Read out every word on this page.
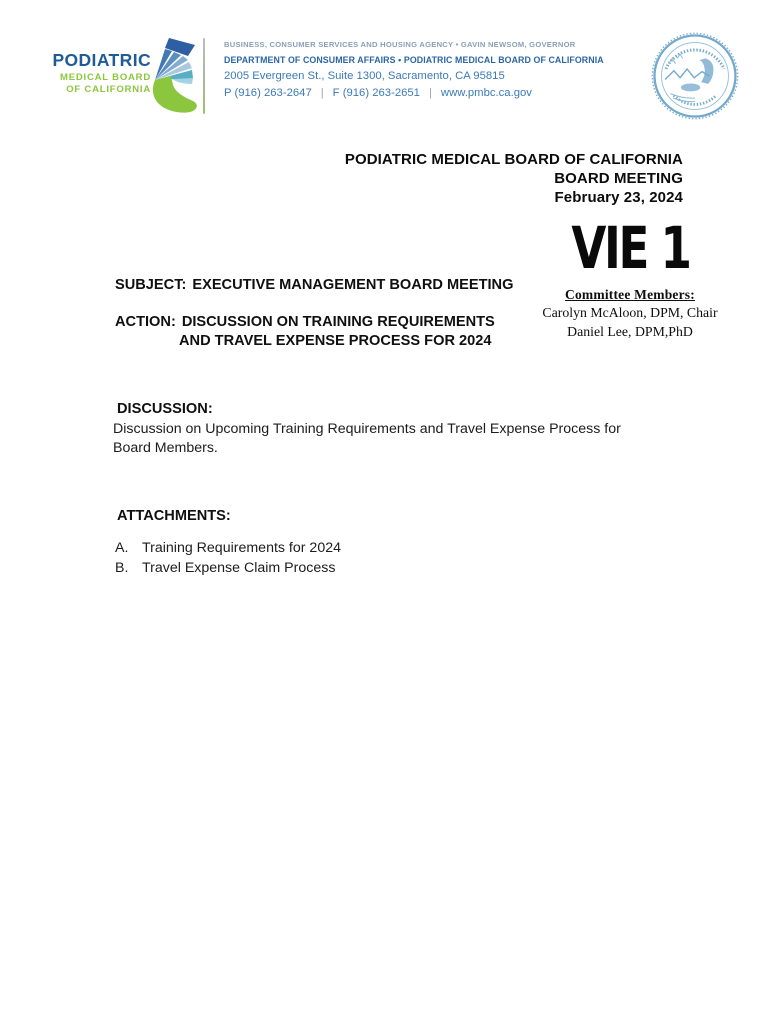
PODIATRIC
MEDICAL BOARD
OF CALIFORNIA
BUSINESS, CONSUMER SERVICES AND HOUSING AGENCY • GAVIN NEWSOM, GOVERNOR
DEPARTMENT OF CONSUMER AFFAIRS • PODIATRIC MEDICAL BOARD OF CALIFORNIA
2005 Evergreen St., Suite 1300, Sacramento, CA 95815
P (916) 263-2647 | F (916) 263-2651 | www.pmbc.ca.gov
PODIATRIC MEDICAL BOARD OF CALIFORNIA
BOARD MEETING
February 23, 2024
VIE 1
Committee Members:
Carolyn McAloon, DPM, Chair
Daniel Lee, DPM,PhD
SUBJECT: EXECUTIVE MANAGEMENT BOARD MEETING
ACTION: DISCUSSION ON TRAINING REQUIREMENTS
AND TRAVEL EXPENSE PROCESS FOR 2024
DISCUSSION:
Discussion on Upcoming Training Requirements and Travel Expense Process for
Board Members.
ATTACHMENTS:
A. Training Requirements for 2024
B. Travel Expense Claim Process
